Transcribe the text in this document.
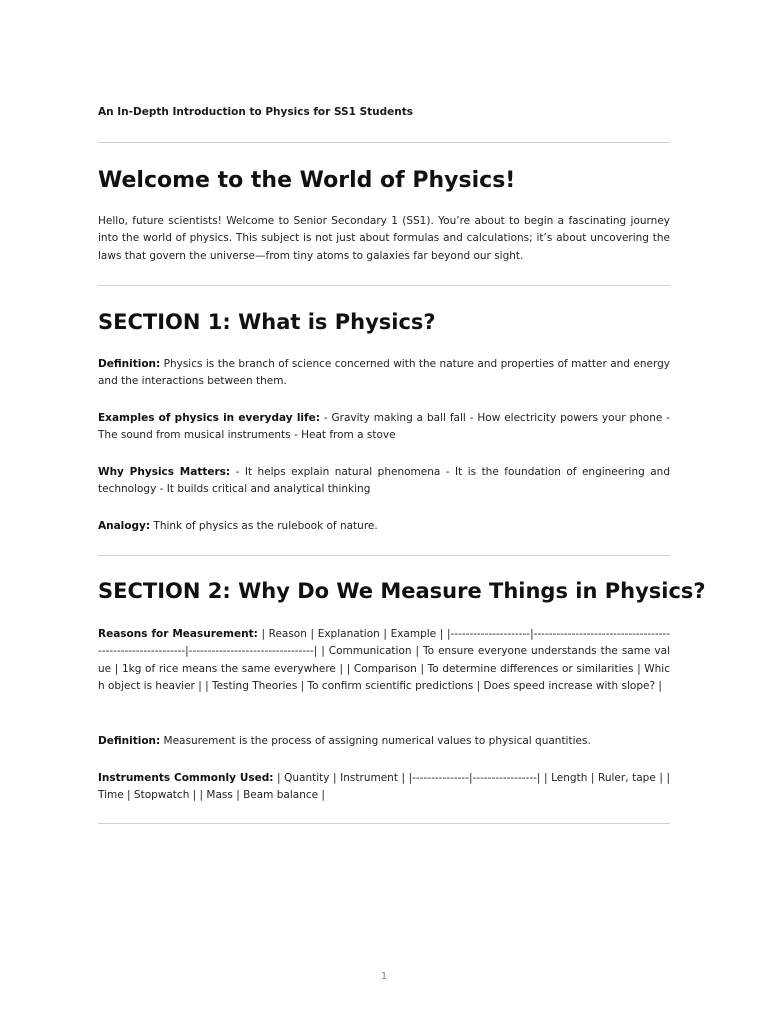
An In-Depth Introduction to Physics for SS1 Students

Welcome to the World of Physics!

Hello, future scientists! Welcome to Senior Secondary 1 (SS1). You’re about to begin a fascinating journey into the world of physics. This subject is not just about formulas and calculations; it’s about uncovering the laws that govern the universe—from tiny atoms to galaxies far beyond our sight.

SECTION 1: What is Physics?

Definition: Physics is the branch of science concerned with the nature and properties of matter and energy and the interactions between them.

Examples of physics in everyday life: - Gravity making a ball fall - How electricity powers your phone - The sound from musical instruments - Heat from a stove

Why Physics Matters: - It helps explain natural phenomena - It is the foundation of engineering and technology - It builds critical and analytical thinking

Analogy: Think of physics as the rulebook of nature.

SECTION 2: Why Do We Measure Things in Physics?

Reasons for Measurement: | Reason | Explanation | Example | |---------------------|-----------------------------------------------------------|---------------------------------| | Communication | To ensure everyone understands the same value | 1kg of rice means the same everywhere | | Comparison | To determine differences or similarities | Which object is heavier | | Testing Theories | To confirm scientific predictions | Does speed increase with slope? |

Definition: Measurement is the process of assigning numerical values to physical quantities.

Instruments Commonly Used: | Quantity | Instrument | |---------------|-----------------| | Length | Ruler, tape | | Time | Stopwatch | | Mass | Beam balance |

1
